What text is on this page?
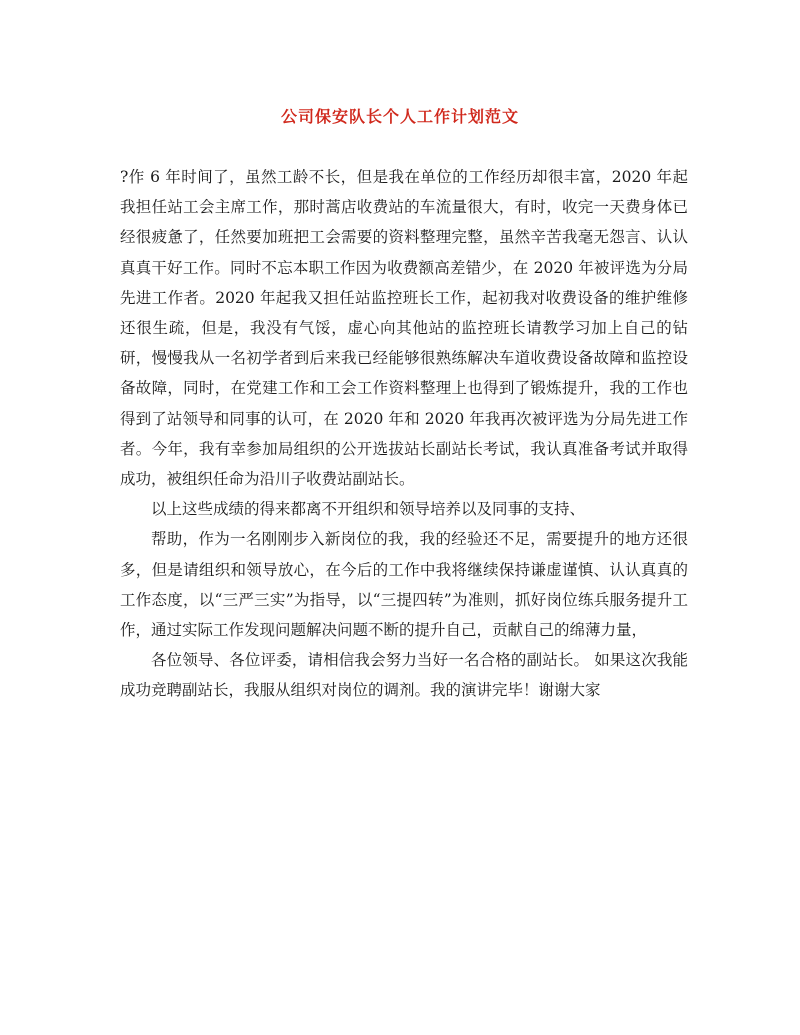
公司保安队长个人工作计划范文

?作 6 年时间了，虽然工龄不长，但是我在单位的工作经历却很丰富，2020 年起我担任站工会主席工作，那时蒿店收费站的车流量很大，有时，收完一天费身体已经很疲惫了，任然要加班把工会需要的资料整理完整，虽然辛苦我毫无怨言、认认真真干好工作。同时不忘本职工作因为收费额高差错少，在 2020 年被评选为分局先进工作者。2020 年起我又担任站监控班长工作，起初我对收费设备的维护维修还很生疏，但是，我没有气馁，虚心向其他站的监控班长请教学习加上自己的钻研，慢慢我从一名初学者到后来我已经能够很熟练解决车道收费设备故障和监控设备故障，同时，在党建工作和工会工作资料整理上也得到了锻炼提升，我的工作也得到了站领导和同事的认可，在 2020 年和 2020 年我再次被评选为分局先进工作者。今年，我有幸参加局组织的公开选拔站长副站长考试，我认真准备考试并取得成功，被组织任命为沿川子收费站副站长。

以上这些成绩的得来都离不开组织和领导培养以及同事的支持、

帮助，作为一名刚刚步入新岗位的我，我的经验还不足，需要提升的地方还很多，但是请组织和领导放心，在今后的工作中我将继续保持谦虚谨慎、认认真真的工作态度，以“三严三实”为指导，以“三提四转”为准则，抓好岗位练兵服务提升工作，通过实际工作发现问题解决问题不断的提升自己，贡献自己的绵薄力量，

各位领导、各位评委，请相信我会努力当好一名合格的副站长。 如果这次我能成功竞聘副站长，我服从组织对岗位的调剂。我的演讲完毕！谢谢大家
